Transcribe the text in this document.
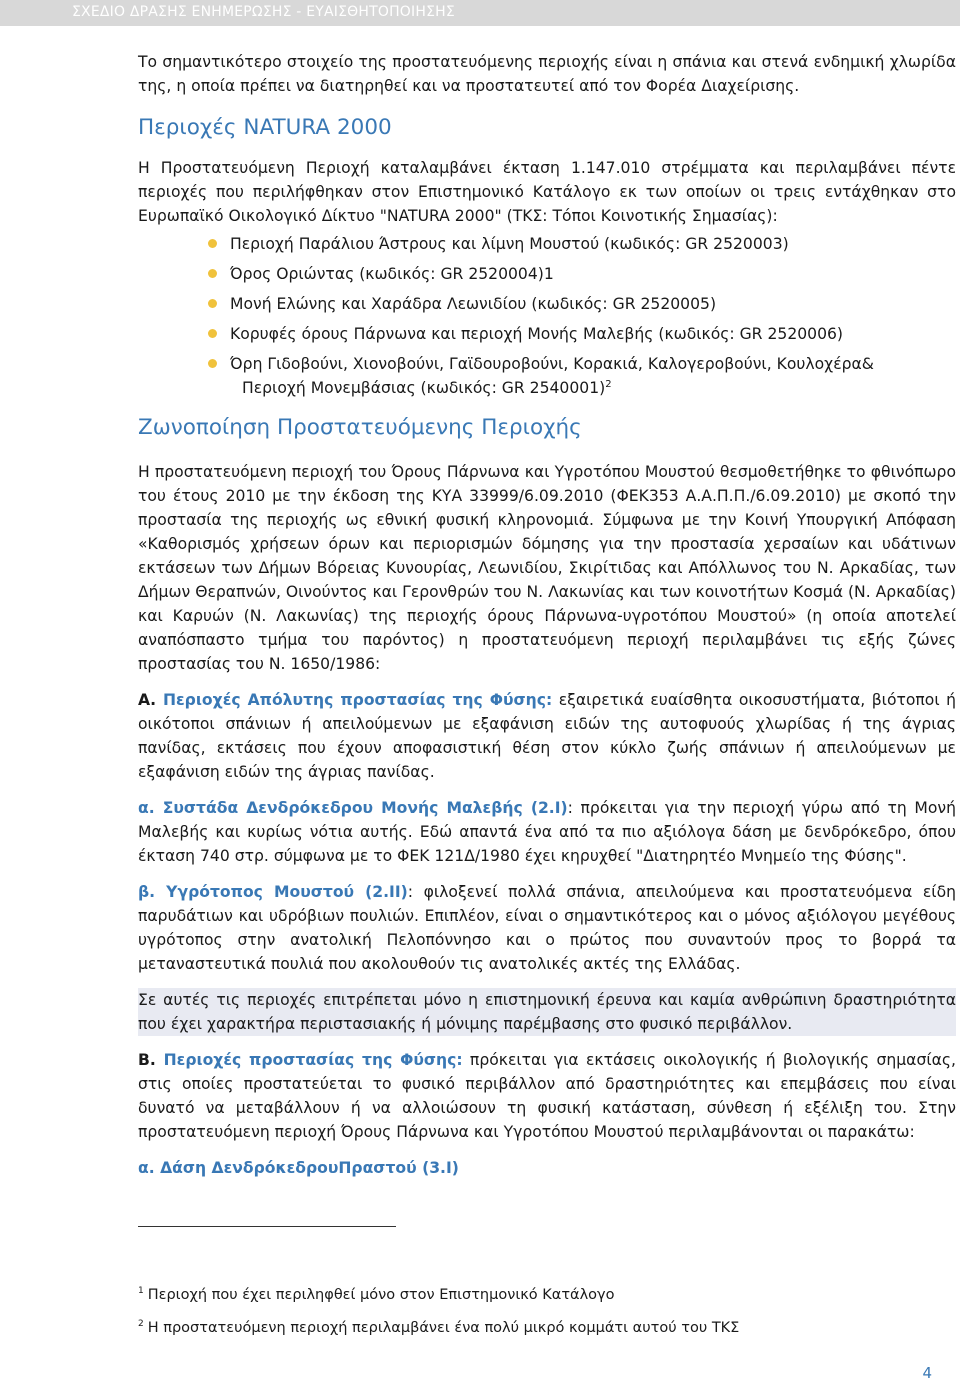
ΣΧΕΔΙΟ ΔΡΑΣΗΣ ΕΝΗΜΕΡΩΣΗΣ - ΕΥΑΙΣΘΗΤΟΠΟΙΗΣΗΣ

Το σημαντικότερο στοιχείο της προστατευόμενης περιοχής είναι η σπάνια και στενά ενδημική χλωρίδα της, η οποία πρέπει να διατηρηθεί και να προστατευτεί από τον Φορέα Διαχείρισης.

Περιοχές NATURA 2000

Η Προστατευόμενη Περιοχή καταλαμβάνει έκταση 1.147.010 στρέμματα και περιλαμβάνει πέντε περιοχές που περιλήφθηκαν στον Επιστημονικό Κατάλογο εκ των οποίων οι τρεις εντάχθηκαν στο Ευρωπαϊκό Οικολογικό Δίκτυο "NATURA 2000" (ΤΚΣ: Τόποι Κοινοτικής Σημασίας):

Περιοχή Παράλιου Άστρους και λίμνη Μουστού (κωδικός: GR 2520003)
Όρος Οριώντας (κωδικός: GR 2520004)1
Μονή Ελώνης και Χαράδρα Λεωνιδίου (κωδικός: GR 2520005)
Κορυφές όρους Πάρνωνα και περιοχή Μονής Μαλεβής (κωδικός: GR 2520006)
Όρη Γιδοβούνι, Χιονοβούνι, Γαϊδουροβούνι, Κορακιά, Καλογεροβούνι, Κουλοχέρα&
Περιοχή Μονεμβάσιας (κωδικός: GR 2540001)$^2$
Ζωνοποίηση Προστατευόμενης Περιοχής

Η προστατευόμενη περιοχή του Όρους Πάρνωνα και Υγροτόπου Μουστού θεσμοθετήθηκε το φθινόπωρο του έτους 2010 με την έκδοση της ΚΥΑ 33999/6.09.2010 (ΦΕΚ353 Α.Α.Π.Π./6.09.2010) με σκοπό την προστασία της περιοχής ως εθνική φυσική κληρονομιά. Σύμφωνα με την Κοινή Υπουργική Απόφαση «Καθορισμός χρήσεων όρων και περιορισμών δόμησης για την προστασία χερσαίων και υδάτινων εκτάσεων των Δήμων Βόρειας Κυνουρίας, Λεωνιδίου, Σκιρίτιδας και Απόλλωνος του Ν. Αρκαδίας, των Δήμων Θεραπνών, Οινούντος και Γερονθρών του Ν. Λακωνίας και των κοινοτήτων Κοσμά (Ν. Αρκαδίας) και Καρυών (Ν. Λακωνίας) της περιοχής όρους Πάρνωνα-υγροτόπου Μουστού» (η οποία αποτελεί αναπόσπαστο τμήμα του παρόντος) η προστατευόμενη περιοχή περιλαμβάνει τις εξής ζώνες προστασίας του Ν. 1650/1986:

Α. Περιοχές Απόλυτης προστασίας της Φύσης: εξαιρετικά ευαίσθητα οικοσυστήματα, βιότοποι ή οικότοποι σπάνιων ή απειλούμενων με εξαφάνιση ειδών της αυτοφυούς χλωρίδας ή της άγριας πανίδας, εκτάσεις που έχουν αποφασιστική θέση στον κύκλο ζωής σπάνιων ή απειλούμενων με εξαφάνιση ειδών της άγριας πανίδας.

α. Συστάδα Δενδρόκεδρου Μονής Μαλεβής (2.Ι): πρόκειται για την περιοχή γύρω από τη Μονή Μαλεβής και κυρίως νότια αυτής. Εδώ απαντά ένα από τα πιο αξιόλογα δάση με δενδρόκεδρο, όπου έκταση 740 στρ. σύμφωνα με το ΦΕΚ 121Δ/1980 έχει κηρυχθεί "Διατηρητέο Μνημείο της Φύσης".

β. Υγρότοπος Μουστού (2.ΙΙ): φιλοξενεί πολλά σπάνια, απειλούμενα και προστατευόμενα είδη παρυδάτιων και υδρόβιων πουλιών. Επιπλέον, είναι ο σημαντικότερος και ο μόνος αξιόλογου μεγέθους υγρότοπος στην ανατολική Πελοπόννησο και ο πρώτος που συναντούν προς το βορρά τα μεταναστευτικά πουλιά που ακολουθούν τις ανατολικές ακτές της Ελλάδας.

Σε αυτές τις περιοχές επιτρέπεται μόνο η επιστημονική έρευνα και καμία ανθρώπινη δραστηριότητα που έχει χαρακτήρα περιστασιακής ή μόνιμης παρέμβασης στο φυσικό περιβάλλον.

Β. Περιοχές προστασίας της Φύσης: πρόκειται για εκτάσεις οικολογικής ή βιολογικής σημασίας, στις οποίες προστατεύεται το φυσικό περιβάλλον από δραστηριότητες και επεμβάσεις που είναι δυνατό να μεταβάλλουν ή να αλλοιώσουν τη φυσική κατάσταση, σύνθεση ή εξέλιξη του. Στην προστατευόμενη περιοχή Όρους Πάρνωνα και Υγροτόπου Μουστού περιλαμβάνονται οι παρακάτω:

α. Δάση ΔενδρόκεδρουΠραστού (3.Ι)

$^1$ Περιοχή που έχει περιληφθεί μόνο στον Επιστημονικό Κατάλογο
$^2$ Η προστατευόμενη περιοχή περιλαμβάνει ένα πολύ μικρό κομμάτι αυτού του ΤΚΣ
4
